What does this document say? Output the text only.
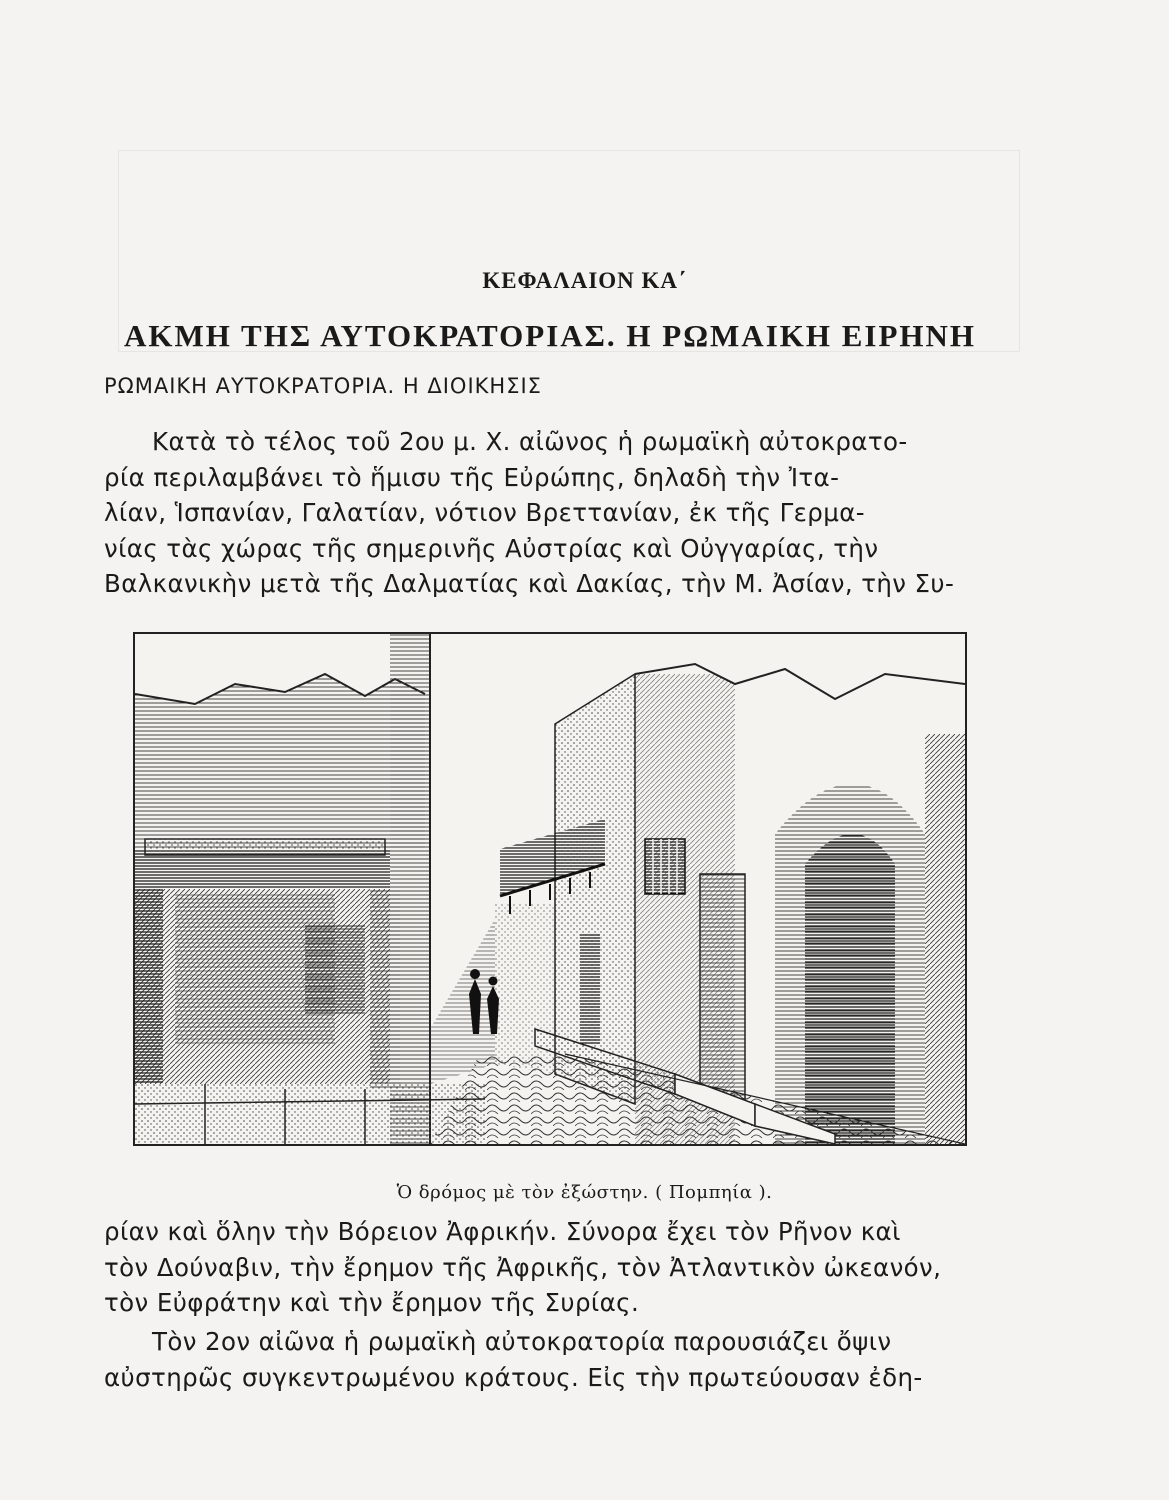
ΚΕΦΑΛΑΙΟΝ ΚΑ΄
ΑΚΜΗ ΤΗΣ ΑΥΤΟΚΡΑΤΟΡΙΑΣ. Η ΡΩΜΑΙΚΗ ΕΙΡΗΝΗ
ΡΩΜΑΙΚΗ ΑΥΤΟΚΡΑΤΟΡΙΑ. Η ΔΙΟΙΚΗΣΙΣ
Κατὰ τὸ τέλος τοῦ 2ου μ. Χ. αἰῶνος ἡ ρωμαϊκὴ αὐτοκρατο-
ρία περιλαμβάνει τὸ ἥμισυ τῆς Εὐρώπης, δηλαδὴ τὴν Ἰτα-
λίαν, Ἱσπανίαν, Γαλατίαν, νότιον Βρεττανίαν, ἐκ τῆς Γερμα-
νίας τὰς χώρας τῆς σημερινῆς Αὐστρίας καὶ Οὐγγαρίας, τὴν
Βαλκανικὴν μετὰ τῆς Δαλματίας καὶ Δακίας, τὴν Μ. Ἀσίαν, τὴν Συ-
Ὁ δρόμος μὲ τὸν ἐξώστην. ( Πομπηία ).
ρίαν καὶ ὅλην τὴν Βόρειον Ἀφρικήν. Σύνορα ἔχει τὸν Ρῆνον καὶ
τὸν Δούναβιν, τὴν ἔρημον τῆς Ἀφρικῆς, τὸν Ἀτλαντικὸν ὠκεανόν,
τὸν Εὐφράτην καὶ τὴν ἔρημον τῆς Συρίας.
Τὸν 2ον αἰῶνα ἡ ρωμαϊκὴ αὐτοκρατορία παρουσιάζει ὄψιν
αὐστηρῶς συγκεντρωμένου κράτους. Εἰς τὴν πρωτεύουσαν ἐδη-
